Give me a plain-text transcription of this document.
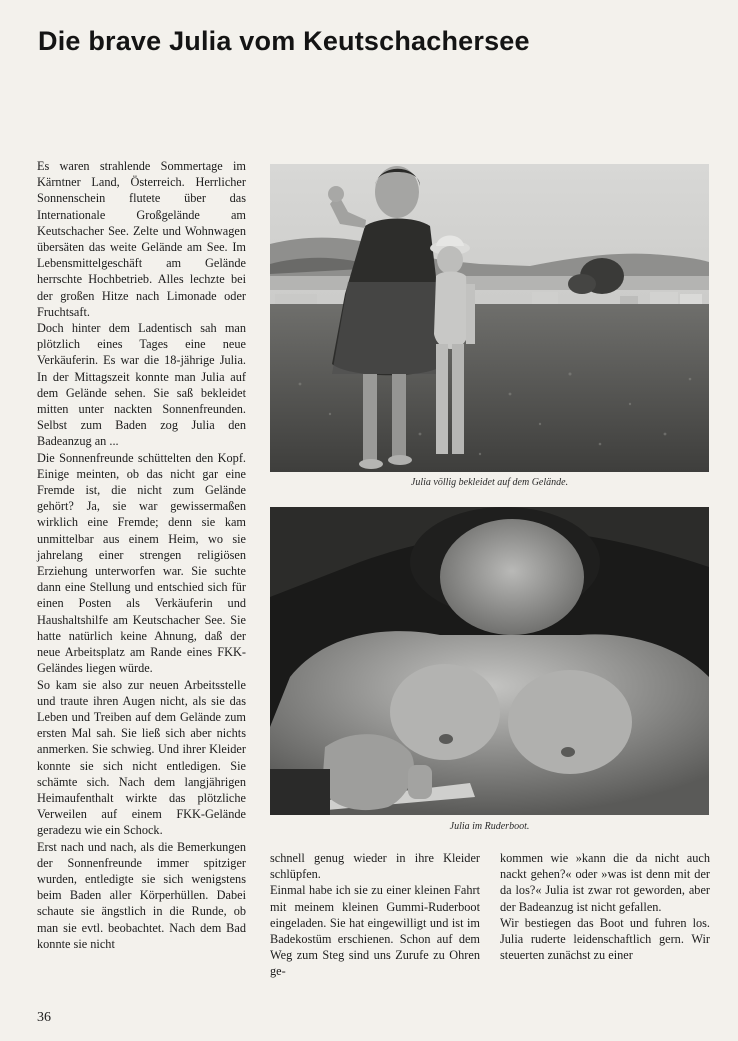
Die brave Julia vom Keutschachersee

Es waren strahlende Sommertage im Kärntner Land, Österreich. Herrlicher Sonnenschein flutete über das Internationale Großgelände am Keutschacher See. Zelte und Wohnwagen übersäten das weite Gelände am See. Im Lebensmittelgeschäft am Gelände herrschte Hochbetrieb. Alles lechzte bei der großen Hitze nach Limonade oder Fruchtsaft.

Doch hinter dem Ladentisch sah man plötzlich eines Tages eine neue Verkäuferin. Es war die 18-jährige Julia. In der Mittagszeit konnte man Julia auf dem Gelände sehen. Sie saß bekleidet mitten unter nackten Sonnenfreunden. Selbst zum Baden zog Julia den Badeanzug an ...

Die Sonnenfreunde schüttelten den Kopf. Einige meinten, ob das nicht gar eine Fremde ist, die nicht zum Gelände gehört? Ja, sie war gewissermaßen wirklich eine Fremde; denn sie kam unmittelbar aus einem Heim, wo sie jahrelang einer strengen religiösen Erziehung unterworfen war. Sie suchte dann eine Stellung und entschied sich für einen Posten als Verkäuferin und Haushaltshilfe am Keutschacher See. Sie hatte natürlich keine Ahnung, daß der neue Arbeitsplatz am Rande eines FKK-Geländes liegen würde.

So kam sie also zur neuen Arbeitsstelle und traute ihren Augen nicht, als sie das Leben und Treiben auf dem Gelände zum ersten Mal sah. Sie ließ sich aber nichts anmerken. Sie schwieg. Und ihrer Kleider konnte sie sich nicht entledigen. Sie schämte sich. Nach dem langjährigen Heimaufenthalt wirkte das plötzliche Verweilen auf einem FKK-Gelände geradezu wie ein Schock.

Erst nach und nach, als die Bemerkungen der Sonnenfreunde immer spitziger wurden, entledigte sie sich wenigstens beim Baden aller Körperhüllen. Dabei schaute sie ängstlich in die Runde, ob man sie evtl. beobachtet. Nach dem Bad konnte sie nicht

Julia völlig bekleidet auf dem Gelände.
Julia im Ruderboot.

schnell genug wieder in ihre Kleider schlüpfen.

Einmal habe ich sie zu einer kleinen Fahrt mit meinem kleinen Gummi-Ruderboot eingeladen. Sie hat eingewilligt und ist im Badekostüm erschienen. Schon auf dem Weg zum Steg sind uns Zurufe zu Ohren ge-

kommen wie »kann die da nicht auch nackt gehen?« oder »was ist denn mit der da los?« Julia ist zwar rot geworden, aber der Badeanzug ist nicht gefallen.

Wir bestiegen das Boot und fuhren los. Julia ruderte leidenschaftlich gern. Wir steuerten zunächst zu einer

36
